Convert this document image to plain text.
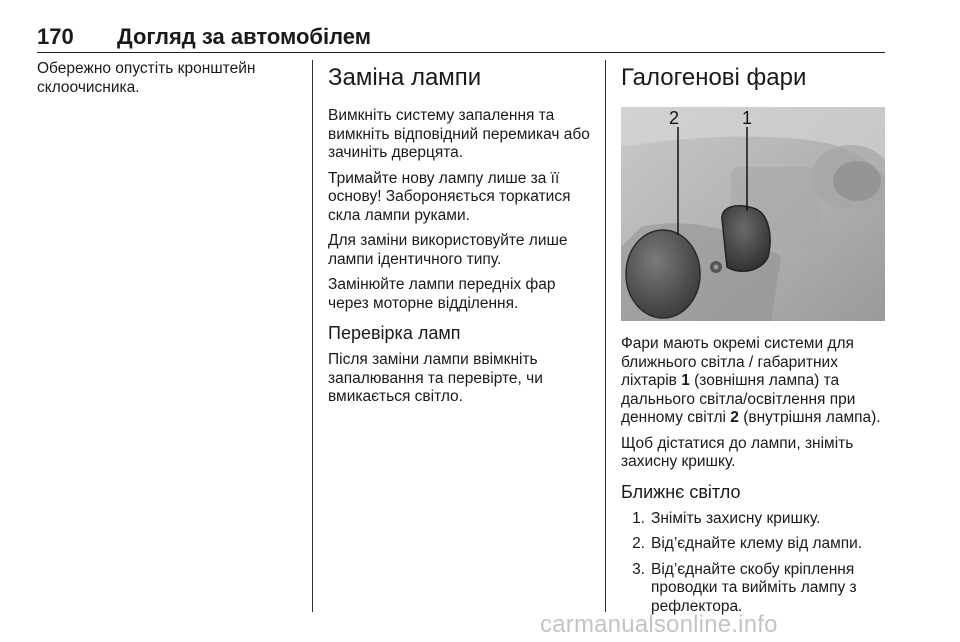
170 Догляд за автомобілем

Обережно опустіть кронштейн склоочисника.	Заміна лампи

Вимкніть систему запалення та вимкніть відповідний перемикач або зачиніть дверцята.

Тримайте нову лампу лише за її основу! Забороняється торкатися скла лампи руками.

Для заміни використовуйте лише лампи ідентичного типу.

Замінюйте лампи передніх фар через моторне відділення.

Перевірка ламп

Після заміни лампи ввімкніть запалювання та перевірте, чи вмикається світло.

Галогенові фари
2	1

Фари мають окремі системи для ближнього світла / габаритних ліхтарів 1 (зовнішня лампа) та дальнього світла/освітлення при денному світлі 2 (внутрішня лампа).

Щоб дістатися до лампи, зніміть захисну кришку.

Ближнє світло
1. Зніміть захисну кришку.
2. Від’єднайте клему від лампи.
3. Від’єднайте скобу кріплення проводки та вийміть лампу з рефлектора.
carmanualsonline.info
